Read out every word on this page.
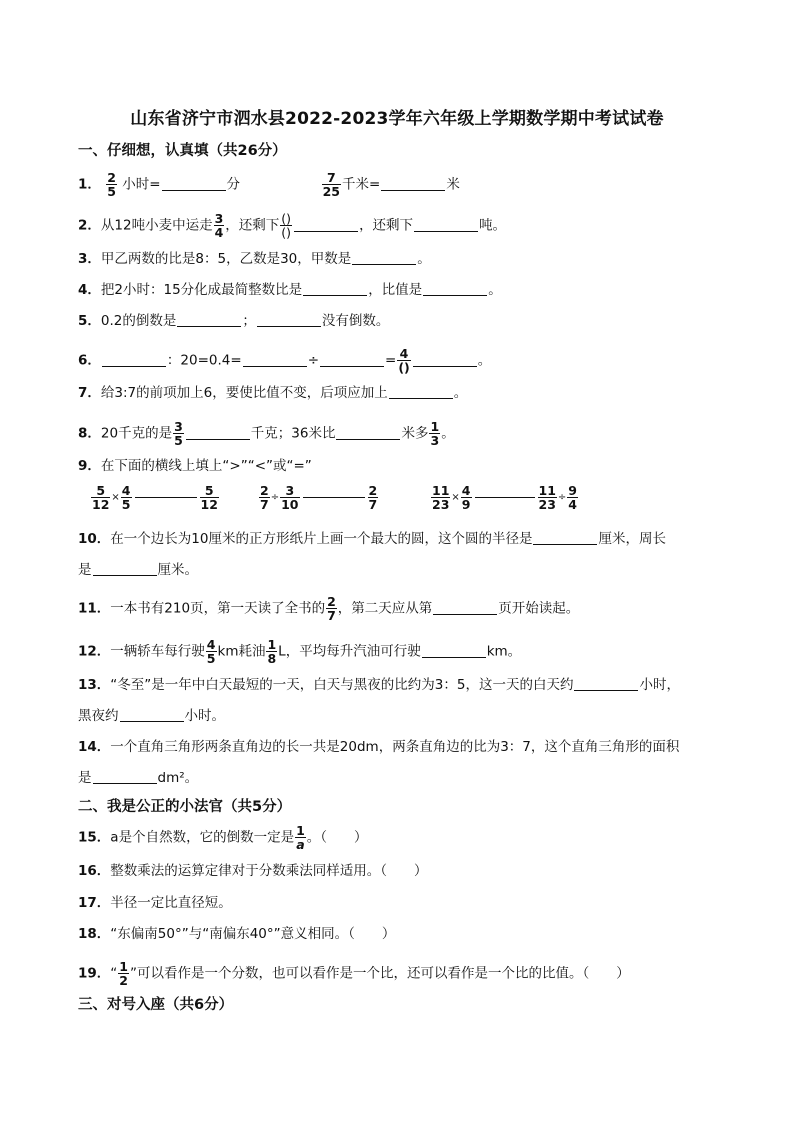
山东省济宁市泗水县2022-2023学年六年级上学期数学期中考试试卷
一、仔细想，认真填（共26分）
1． $\frac{2}{5}$ 小时=	分	$\frac{7}{25}$ 千米=	米
2．从12吨小麦中运走 $\frac{3}{4}$ ，还剩下 $\frac{()}{()}$	，还剩下	吨。
3．甲乙两数的比是8：5，乙数是30，甲数是	。
4．把2小时：15分化成最简整数比是	，比值是	。
5．0.2的倒数是	；	没有倒数。
6．	：20=0.4=	÷	= $\frac{4}{()}$	。
7．给3:7的前项加上6，要使比值不变，后项应加上	。
8．20千克的是 $\frac{3}{5}$	千克；36米比	米多 $\frac{1}{3}$ 。
9．在下面的横线上填上“>”“<”或“=”
$\frac{5}{12} \times \frac{4}{5}$	$\frac{5}{12}$	$\frac{2}{7} \div \frac{3}{10}$	$\frac{2}{7}$	$\frac{11}{23} \times \frac{4}{9}$	$\frac{11}{23} \div \frac{9}{4}$
10．在一个边长为10厘米的正方形纸片上画一个最大的圆，这个圆的半径是	厘米，周长
是	厘米。
11．一本书有210页，第一天读了全书的 $\frac{2}{7}$ ，第二天应从第	页开始读起。
12．一辆轿车每行驶 $\frac{4}{5}$ km耗油 $\frac{1}{8}$ L，平均每升汽油可行驶	km。
13．“冬至”是一年中白天最短的一天，白天与黑夜的比约为3：5，这一天的白天约	小时，
黑夜约	小时。
14．一个直角三角形两条直角边的长一共是20dm，两条直角边的比为3：7，这个直角三角形的面积
是	dm²。
二、我是公正的小法官（共5分）
15．a是个自然数，它的倒数一定是 $\frac{1}{a}$ 。（　　）
16．整数乘法的运算定律对于分数乘法同样适用。（　　）
17．半径一定比直径短。
18．“东偏南50°”与“南偏东40°”意义相同。（　　）
19．“ $\frac{1}{2}$ ”可以看作是一个分数，也可以看作是一个比，还可以看作是一个比的比值。（　　）
三、对号入座（共6分）
